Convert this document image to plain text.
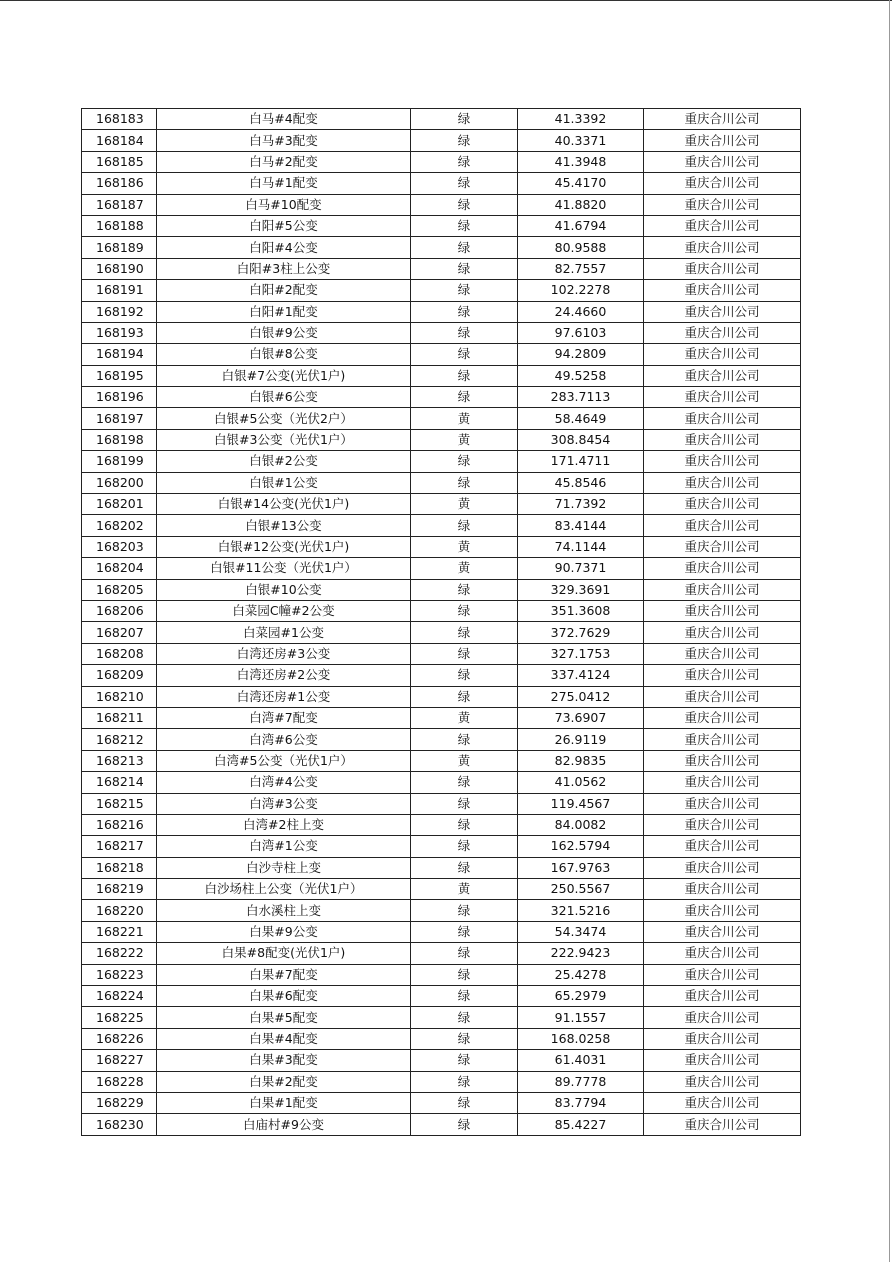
168183	白马#4配变	绿	41.3392	重庆合川公司
168184	白马#3配变	绿	40.3371	重庆合川公司
168185	白马#2配变	绿	41.3948	重庆合川公司
168186	白马#1配变	绿	45.4170	重庆合川公司
168187	白马#10配变	绿	41.8820	重庆合川公司
168188	白阳#5公变	绿	41.6794	重庆合川公司
168189	白阳#4公变	绿	80.9588	重庆合川公司
168190	白阳#3柱上公变	绿	82.7557	重庆合川公司
168191	白阳#2配变	绿	102.2278	重庆合川公司
168192	白阳#1配变	绿	24.4660	重庆合川公司
168193	白银#9公变	绿	97.6103	重庆合川公司
168194	白银#8公变	绿	94.2809	重庆合川公司
168195	白银#7公变(光伏1户)	绿	49.5258	重庆合川公司
168196	白银#6公变	绿	283.7113	重庆合川公司
168197	白银#5公变（光伏2户）	黄	58.4649	重庆合川公司
168198	白银#3公变（光伏1户）	黄	308.8454	重庆合川公司
168199	白银#2公变	绿	171.4711	重庆合川公司
168200	白银#1公变	绿	45.8546	重庆合川公司
168201	白银#14公变(光伏1户)	黄	71.7392	重庆合川公司
168202	白银#13公变	绿	83.4144	重庆合川公司
168203	白银#12公变(光伏1户)	黄	74.1144	重庆合川公司
168204	白银#11公变（光伏1户）	黄	90.7371	重庆合川公司
168205	白银#10公变	绿	329.3691	重庆合川公司
168206	白菜园C幢#2公变	绿	351.3608	重庆合川公司
168207	白菜园#1公变	绿	372.7629	重庆合川公司
168208	白湾还房#3公变	绿	327.1753	重庆合川公司
168209	白湾还房#2公变	绿	337.4124	重庆合川公司
168210	白湾还房#1公变	绿	275.0412	重庆合川公司
168211	白湾#7配变	黄	73.6907	重庆合川公司
168212	白湾#6公变	绿	26.9119	重庆合川公司
168213	白湾#5公变（光伏1户）	黄	82.9835	重庆合川公司
168214	白湾#4公变	绿	41.0562	重庆合川公司
168215	白湾#3公变	绿	119.4567	重庆合川公司
168216	白湾#2柱上变	绿	84.0082	重庆合川公司
168217	白湾#1公变	绿	162.5794	重庆合川公司
168218	白沙寺柱上变	绿	167.9763	重庆合川公司
168219	白沙场柱上公变（光伏1户）	黄	250.5567	重庆合川公司
168220	白水溪柱上变	绿	321.5216	重庆合川公司
168221	白果#9公变	绿	54.3474	重庆合川公司
168222	白果#8配变(光伏1户)	绿	222.9423	重庆合川公司
168223	白果#7配变	绿	25.4278	重庆合川公司
168224	白果#6配变	绿	65.2979	重庆合川公司
168225	白果#5配变	绿	91.1557	重庆合川公司
168226	白果#4配变	绿	168.0258	重庆合川公司
168227	白果#3配变	绿	61.4031	重庆合川公司
168228	白果#2配变	绿	89.7778	重庆合川公司
168229	白果#1配变	绿	83.7794	重庆合川公司
168230	白庙村#9公变	绿	85.4227	重庆合川公司
